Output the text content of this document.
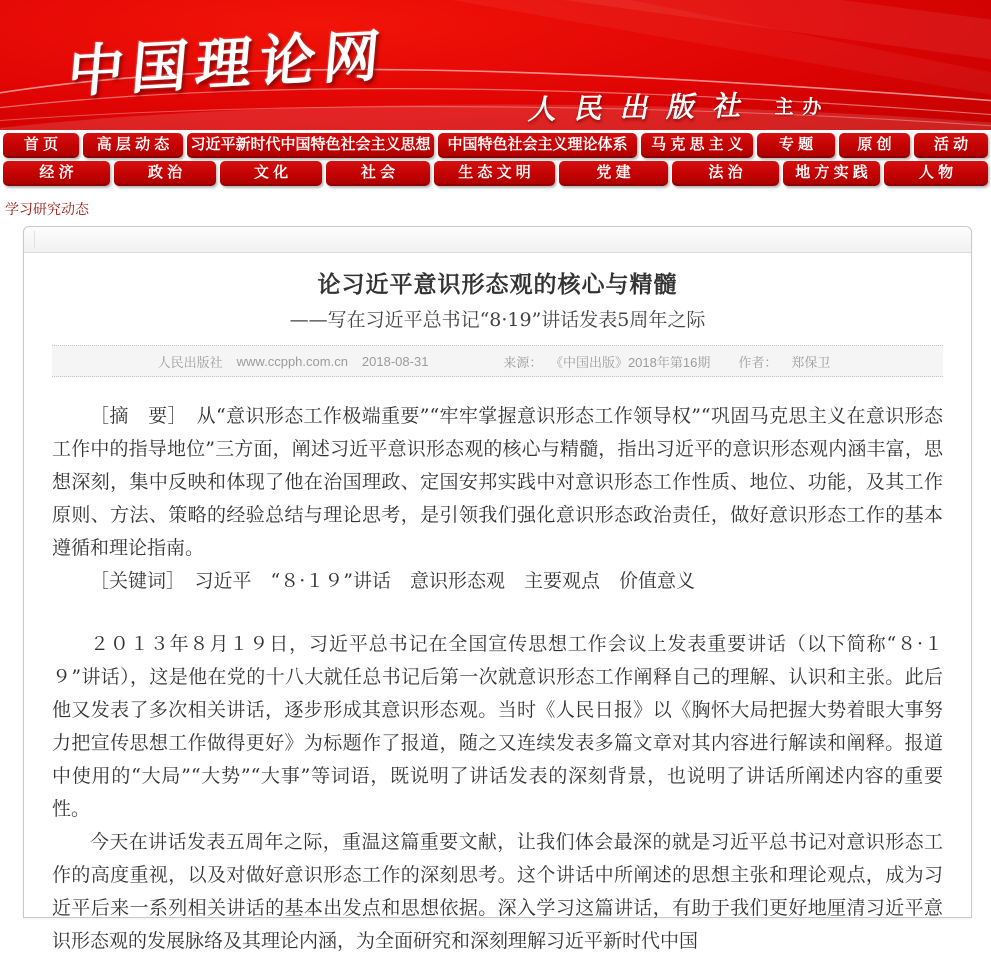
中国理论网
人民出版社 主办
首 页	高 层 动 态	习近平新时代中国特色社会主义思想	中国特色社会主义理论体系	马 克 思 主 义	专 题	原 创	活 动
经 济	政 治	文 化	社 会	生 态 文 明	党 建	法 治	地 方 实 践	人 物
学习研究动态
论习近平意识形态观的核心与精髓
——写在习近平总书记“8·19”讲话发表5周年之际
人民出版社 www.ccpph.com.cn 2018-08-31	来源： 《中国出版》2018年第16期	作者： 郑保卫

［摘　要］　从“意识形态工作极端重要”“牢牢掌握意识形态工作领导权”“巩固马克思主义在意识形态工作中的指导地位”三方面，阐述习近平意识形态观的核心与精髓，指出习近平的意识形态观内涵丰富，思想深刻，集中反映和体现了他在治国理政、定国安邦实践中对意识形态工作性质、地位、功能，及其工作原则、方法、策略的经验总结与理论思考，是引领我们强化意识形态政治责任，做好意识形态工作的基本遵循和理论指南。

［关键词］　习近平　“８·１９”讲话　意识形态观　主要观点　价值意义

２０１３年８月１９日，习近平总书记在全国宣传思想工作会议上发表重要讲话（以下简称“８·１９”讲话），这是他在党的十八大就任总书记后第一次就意识形态工作阐释自己的理解、认识和主张。此后他又发表了多次相关讲话，逐步形成其意识形态观。当时《人民日报》以《胸怀大局把握大势着眼大事努力把宣传思想工作做得更好》为标题作了报道，随之又连续发表多篇文章对其内容进行解读和阐释。报道中使用的“大局”“大势”“大事”等词语，既说明了讲话发表的深刻背景，也说明了讲话所阐述内容的重要性。

今天在讲话发表五周年之际，重温这篇重要文献，让我们体会最深的就是习近平总书记对意识形态工作的高度重视，以及对做好意识形态工作的深刻思考。这个讲话中所阐述的思想主张和理论观点，成为习近平后来一系列相关讲话的基本出发点和思想依据。深入学习这篇讲话，有助于我们更好地厘清习近平意识形态观的发展脉络及其理论内涵，为全面研究和深刻理解习近平新时代中国
